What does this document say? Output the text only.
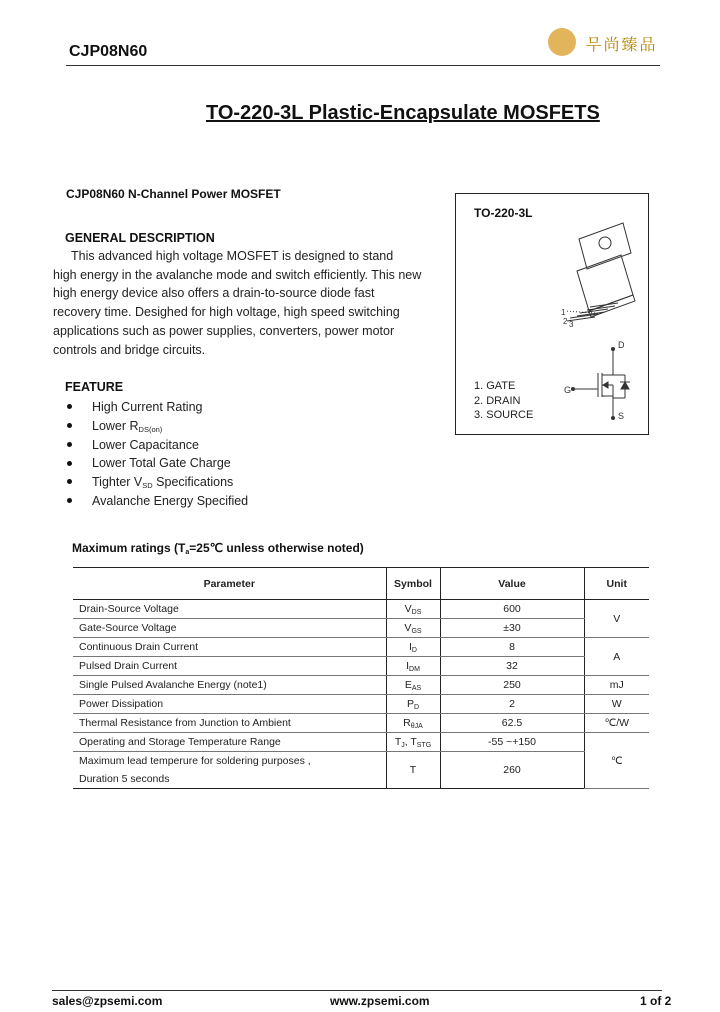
CJP08N60	무尚臻品
TO-220-3L Plastic-Encapsulate MOSFETS
CJP08N60 N-Channel Power MOSFET
GENERAL DESCRIPTION
This advanced high voltage MOSFET is designed to stand
high energy in the avalanche mode and switch efficiently. This new
high energy device also offers a drain-to-source diode fast
recovery time. Desighed for high voltage, high speed switching
applications such as power supplies, converters, power motor
controls and bridge circuits.
FEATURE
High Current Rating
Lower $R_{DS(on)}$
Lower Capacitance
Lower Total Gate Charge
Tighter $V_{SD}$ Specifications
Avalanche Energy Specified
TO-220-3L
1
2 3
D
G
S
1. GATE
2. DRAIN
3. SOURCE
Maximum ratings ($T_a=25℃$ unless otherwise noted)
Parameter	Symbol	Value	Unit
Drain-Source Voltage	VDS	600	V
Gate-Source Voltage	VGS	±30	
Continuous Drain Current	ID	8	A
Pulsed Drain Current	IDM	32	
Single Pulsed Avalanche Energy (note1)	EAS	250	mJ
Power Dissipation	PD	2	W
Thermal Resistance from Junction to Ambient	RθJA	62.5	℃/W
Operating and Storage Temperature Range	TJ, TSTG	-55 ~+150	℃

Maximum lead temperure for soldering purposes ,
Duration 5 seconds	T	260	
sales@zpsemi.com	www.zpsemi.com	1 of 2
